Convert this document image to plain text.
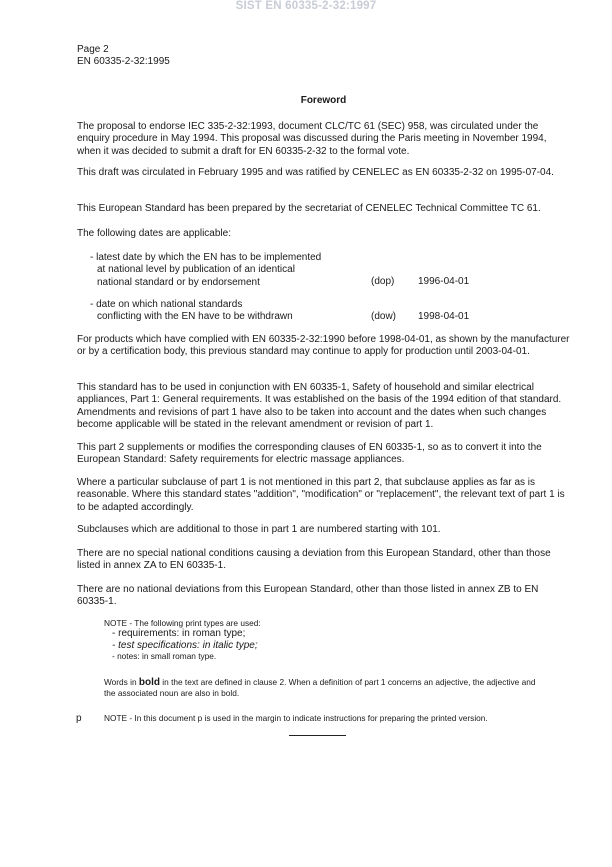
SIST EN 60335-2-32:1997
Page 2
EN 60335-2-32:1995
Foreword

The proposal to endorse IEC 335-2-32:1993, document CLC/TC 61 (SEC) 958, was circulated under the enquiry procedure in May 1994. This proposal was discussed during the Paris meeting in November 1994, when it was decided to submit a draft for EN 60335-2-32 to the formal vote.

This draft was circulated in February 1995 and was ratified by CENELEC as EN 60335-2-32 on 1995-07-04.

This European Standard has been prepared by the secretariat of CENELEC Technical Committee TC 61.

The following dates are applicable:

- latest date by which the EN has to be implemented
at national level by publication of an identical
national standard or by endorsement	(dop) 1996-04-01
- date on which national standards
conflicting with the EN have to be withdrawn	(dow) 1998-04-01

For products which have complied with EN 60335-2-32:1990 before 1998-04-01, as shown by the manufacturer or by a certification body, this previous standard may continue to apply for production until 2003-04-01.

This standard has to be used in conjunction with EN 60335-1, Safety of household and similar electrical appliances, Part 1: General requirements. It was established on the basis of the 1994 edition of that standard. Amendments and revisions of part 1 have also to be taken into account and the dates when such changes become applicable will be stated in the relevant amendment or revision of part 1.

This part 2 supplements or modifies the corresponding clauses of EN 60335-1, so as to convert it into the European Standard: Safety requirements for electric massage appliances.

Where a particular subclause of part 1 is not mentioned in this part 2, that subclause applies as far as is reasonable. Where this standard states "addition", "modification" or "replacement", the relevant text of part 1 is to be adapted accordingly.

Subclauses which are additional to those in part 1 are numbered starting with 101.

There are no special national conditions causing a deviation from this European Standard, other than those listed in annex ZA to EN 60335-1.

There are no national deviations from this European Standard, other than those listed in annex ZB to EN 60335-1.

NOTE - The following print types are used:
- requirements: in roman type;
- test specifications: in italic type;
- notes: in small roman type.
Words in bold in the text are defined in clause 2. When a definition of part 1 concerns an adjective, the adjective and the associated noun are also in bold.
p	NOTE - In this document p is used in the margin to indicate instructions for preparing the printed version.
